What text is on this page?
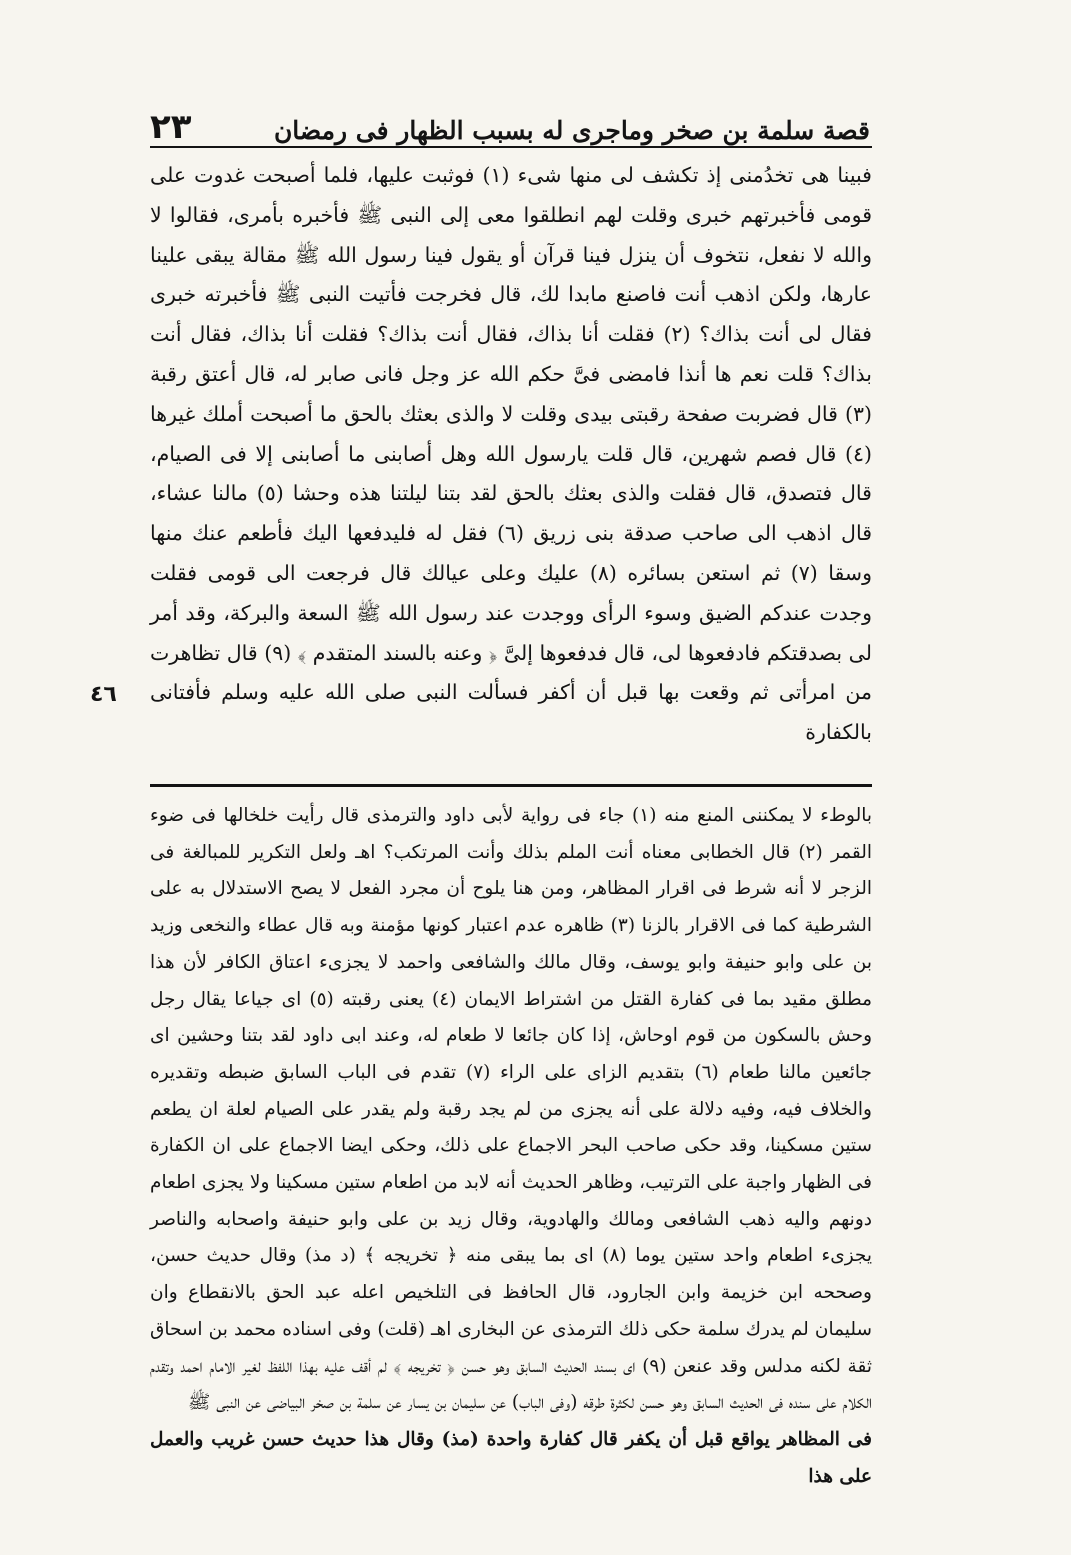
قصة سلمة بن صخر وماجرى له بسبب الظهار فى رمضان
٢٣

فبينا هى تخدُمنى إذ تكشف لى منها شىء (١) فوثبت عليها، فلما أصبحت غدوت على قومى فأخبرتهم خبرى وقلت لهم انطلقوا معى إلى النبى ﷺ فأخبره بأمرى، فقالوا لا والله لا نفعل، نتخوف أن ينزل فينا قرآن أو يقول فينا رسول الله ﷺ مقالة يبقى علينا عارها، ولكن اذهب أنت فاصنع مابدا لك، قال فخرجت فأتيت النبى ﷺ فأخبرته خبرى فقال لى أنت بذاك؟ (٢) فقلت أنا بذاك، فقال أنت بذاك؟ فقلت أنا بذاك، فقال أنت بذاك؟ قلت نعم ها أنذا فامضى فىَّ حكم الله عز وجل فانى صابر له، قال أعتق رقبة (٣) قال فضربت صفحة رقبتى بيدى وقلت لا والذى بعثك بالحق ما أصبحت أملك غيرها (٤) قال فصم شهرين، قال قلت يارسول الله وهل أصابنى ما أصابنى إلا فى الصيام، قال فتصدق، قال فقلت والذى بعثك بالحق لقد بتنا ليلتنا هذه وحشا (٥) مالنا عشاء، قال اذهب الى صاحب صدقة بنى زريق (٦) فقل له فليدفعها اليك فأطعم عنك منها وسقا (٧) ثم استعن بسائره (٨) عليك وعلى عيالك قال فرجعت الى قومى فقلت وجدت عندكم الضيق وسوء الرأى ووجدت عند رسول الله ﷺ السعة والبركة، وقد أمر لى بصدقتكم فادفعوها لى، قال فدفعوها إلىَّ ﴿ وعنه بالسند المتقدم ﴾ (٩) قال تظاهرت من امرأتى ثم وقعت بها قبل أن أكفر فسألت النبى صلى الله عليه وسلم فأفتانى بالكفارة

٤٦

بالوطء لا يمكننى المنع منه (١) جاء فى رواية لأبى داود والترمذى قال رأيت خلخالها فى ضوء القمر (٢) قال الخطابى معناه أنت الملم بذلك وأنت المرتكب؟ اهـ ولعل التكرير للمبالغة فى الزجر لا أنه شرط فى اقرار المظاهر، ومن هنا يلوح أن مجرد الفعل لا يصح الاستدلال به على الشرطية كما فى الاقرار بالزنا (٣) ظاهره عدم اعتبار كونها مؤمنة وبه قال عطاء والنخعى وزيد بن على وابو حنيفة وابو يوسف، وقال مالك والشافعى واحمد لا يجزىء اعتاق الكافر لأن هذا مطلق مقيد بما فى كفارة القتل من اشتراط الايمان (٤) يعنى رقبته (٥) اى جياعا يقال رجل وحش بالسكون من قوم اوحاش، إذا كان جائعا لا طعام له، وعند ابى داود لقد بتنا وحشين اى جائعين مالنا طعام (٦) بتقديم الزاى على الراء (٧) تقدم فى الباب السابق ضبطه وتقديره والخلاف فيه، وفيه دلالة على أنه يجزى من لم يجد رقبة ولم يقدر على الصيام لعلة ان يطعم ستين مسكينا، وقد حكى صاحب البحر الاجماع على ذلك، وحكى ايضا الاجماع على ان الكفارة فى الظهار واجبة على الترتيب، وظاهر الحديث أنه لابد من اطعام ستين مسكينا ولا يجزى اطعام دونهم واليه ذهب الشافعى ومالك والهادوية، وقال زيد بن على وابو حنيفة واصحابه والناصر يجزىء اطعام واحد ستين يوما (٨) اى بما يبقى منه ﴿ تخريجه ﴾ (د مذ) وقال حديث حسن، وصححه ابن خزيمة وابن الجارود، قال الحافظ فى التلخيص اعله عبد الحق بالانقطاع وان سليمان لم يدرك سلمة حكى ذلك الترمذى عن البخارى اهـ (قلت) وفى اسناده محمد بن اسحاق ثقة لكنه مدلس وقد عنعن (٩) اى بسند الحديث السابق وهو حسن ﴿ تخريجه ﴾ لم أقف عليه بهذا اللفظ لغير الامام احمد وتقدم الكلام على سنده فى الحديث السابق وهو حسن لكثرة طرقه (وفى الباب) عن سليمان بن يسار عن سلمة بن صخر البياضى عن النبى ﷺ

فى المظاهر يواقع قبل أن يكفر قال كفارة واحدة (مذ) وقال هذا حديث حسن غريب والعمل على هذا
